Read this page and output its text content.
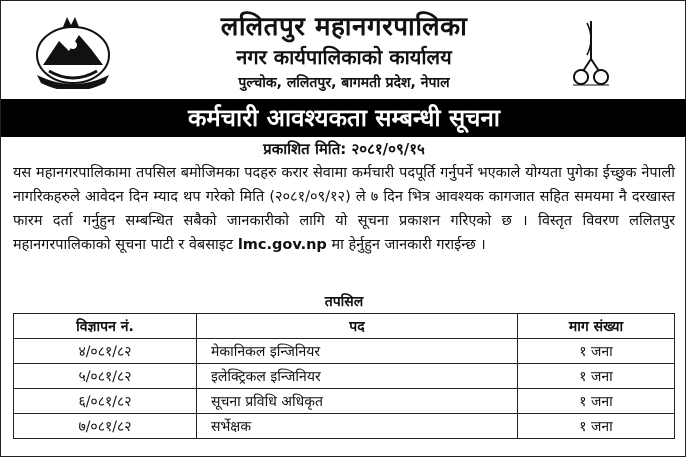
ललितपुर महानगरपालिका
नगर कार्यपालिकाको कार्यालय
पुल्चोक, ललितपुर, बागमती प्रदेश, नेपाल
कर्मचारी आवश्यकता सम्बन्धी सूचना
प्रकाशित मिति: २०८१/०९/१५
यस महानगरपालिकामा तपसिल बमोजिमका पदहरु करार सेवामा कर्मचारी पदपूर्ति गर्नुपर्ने भएकाले योग्यता पुगेका ईच्छुक नेपाली नागरिकहरुले आवेदन दिन म्याद थप गरेको मिति (२०८१/०९/१२) ले ७ दिन भित्र आवश्यक कागजात सहित समयमा नै दरखास्त फारम दर्ता गर्नुहुन सम्बन्धित सबैको जानकारीको लागि यो सूचना प्रकाशन गरिएको छ । विस्तृत विवरण ललितपुर महानगरपालिकाको सूचना पाटी र वेबसाइट lmc.gov.np मा हेर्नुहुन जानकारी गराईन्छ ।
तपसिल
विज्ञापन नं.	पद	माग संख्या
४/०८१/८२	मेकानिकल इन्जिनियर	१ जना
५/०८१/८२	इलेक्ट्रिकल इन्जिनियर	१ जना
६/०८१/८२	सूचना प्रविधि अधिकृत	१ जना
७/०८१/८२	सर्भेक्षक	१ जना
